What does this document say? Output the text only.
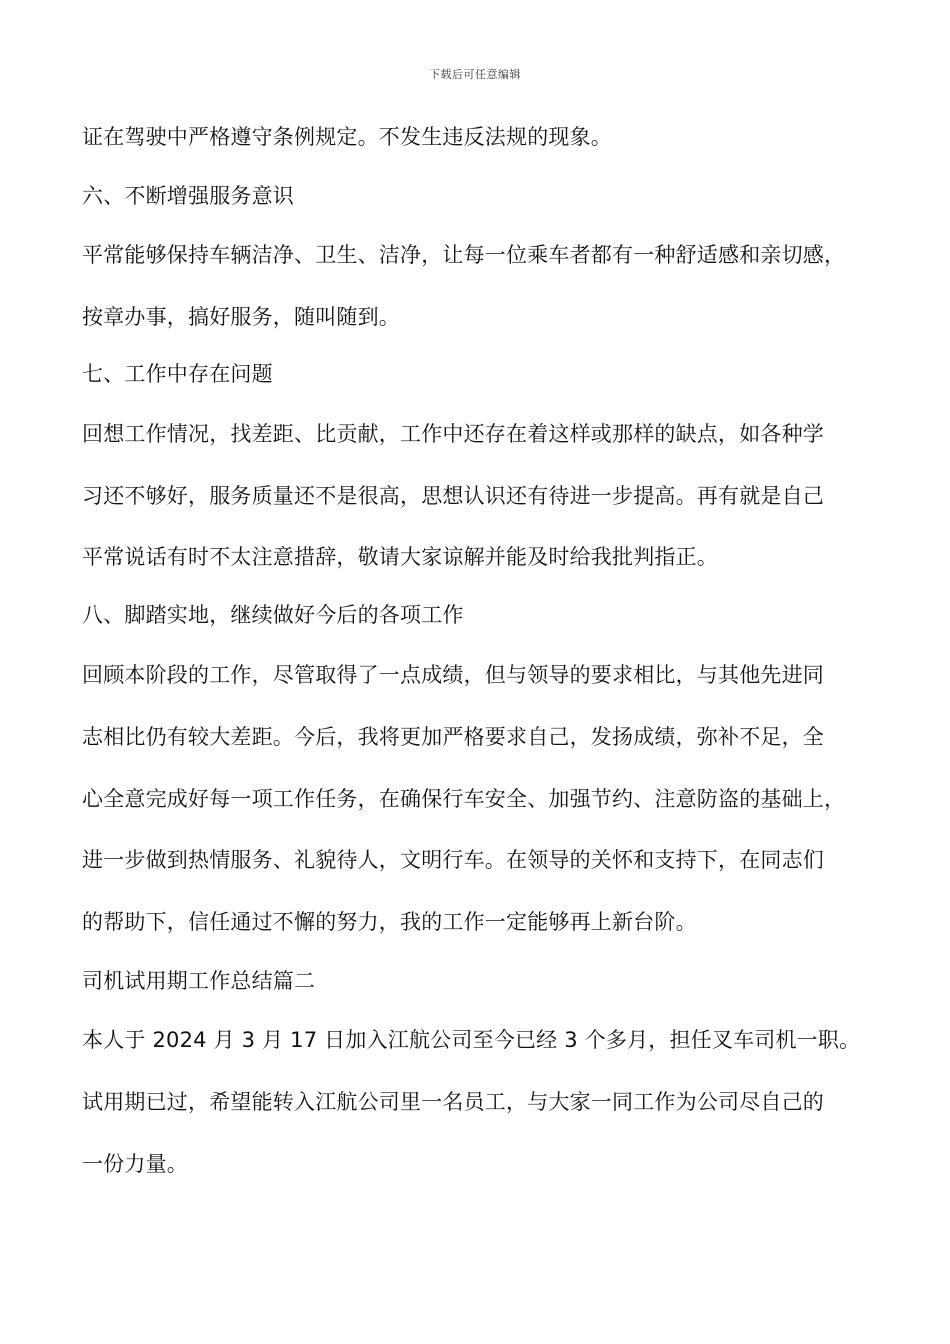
下载后可任意编辑
证在驾驶中严格遵守条例规定。不发生违反法规的现象。
六、不断增强服务意识
平常能够保持车辆洁净、卫生、洁净，让每一位乘车者都有一种舒适感和亲切感，
按章办事，搞好服务，随叫随到。
七、工作中存在问题
回想工作情况，找差距、比贡献，工作中还存在着这样或那样的缺点，如各种学
习还不够好，服务质量还不是很高，思想认识还有待进一步提高。再有就是自己
平常说话有时不太注意措辞，敬请大家谅解并能及时给我批判指正。
八、脚踏实地，继续做好今后的各项工作
回顾本阶段的工作，尽管取得了一点成绩，但与领导的要求相比，与其他先进同
志相比仍有较大差距。今后，我将更加严格要求自己，发扬成绩，弥补不足，全
心全意完成好每一项工作任务，在确保行车安全、加强节约、注意防盗的基础上，
进一步做到热情服务、礼貌待人，文明行车。在领导的关怀和支持下，在同志们
的帮助下，信任通过不懈的努力，我的工作一定能够再上新台阶。
司机试用期工作总结篇二
本人于 2024 月 3 月 17 日加入江航公司至今已经 3 个多月，担任叉车司机一职。
试用期已过，希望能转入江航公司里一名员工，与大家一同工作为公司尽自己的
一份力量。
